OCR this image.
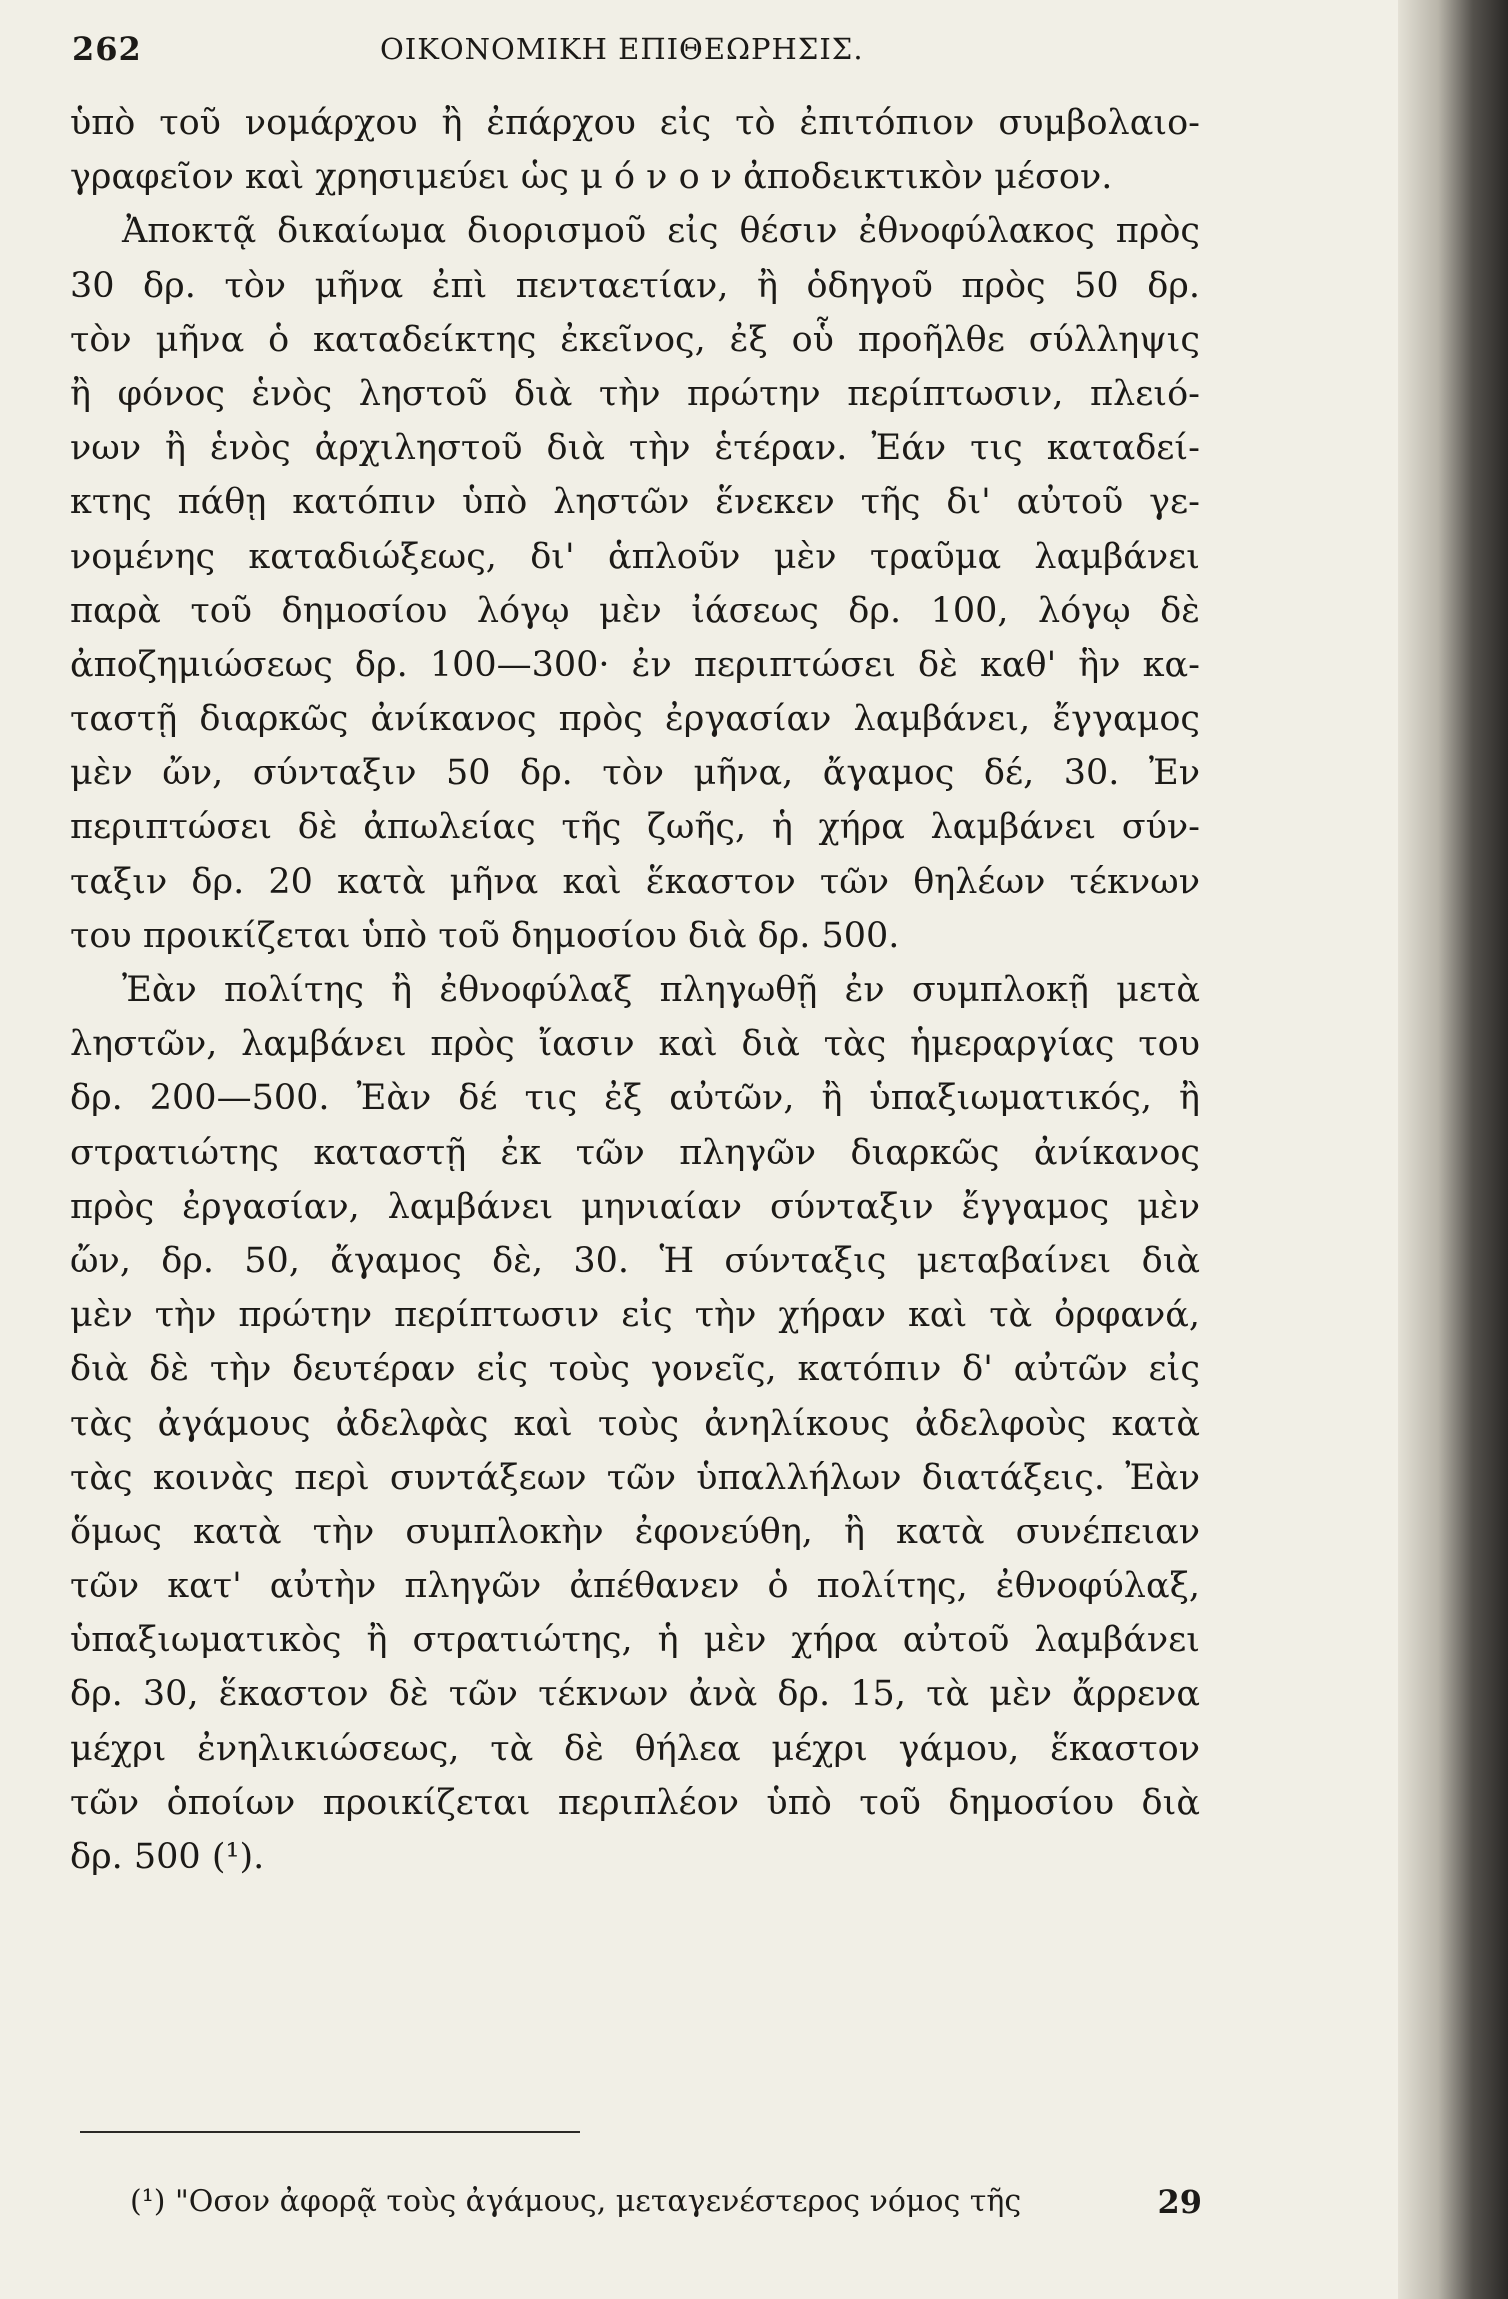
262	ΟΙΚΟΝΟΜΙΚΗ ΕΠΙΘΕΩΡΗΣΙΣ.
ὑπὸ τοῦ νομάρχου ἢ ἐπάρχου εἰς τὸ ἐπιτόπιον συμβολαιο-
γραφεῖον καὶ χρησιμεύει ὡς μ ό ν ο ν ἀποδεικτικὸν μέσον.
Ἀποκτᾷ δικαίωμα διορισμοῦ εἰς θέσιν ἐθνοφύλακος πρὸς
30 δρ. τὸν μῆνα ἐπὶ πενταετίαν, ἢ ὁδηγοῦ πρὸς 50 δρ.
τὸν μῆνα ὁ καταδείκτης ἐκεῖνος, ἐξ οὗ προῆλθε σύλληψις
ἢ φόνος ἑνὸς ληστοῦ διὰ τὴν πρώτην περίπτωσιν, πλειό-
νων ἢ ἑνὸς ἀρχιληστοῦ διὰ τὴν ἑτέραν. Ἐάν τις καταδεί-
κτης πάθῃ κατόπιν ὑπὸ ληστῶν ἕνεκεν τῆς δι' αὐτοῦ γε-
νομένης καταδιώξεως, δι' ἁπλοῦν μὲν τραῦμα λαμβάνει
παρὰ τοῦ δημοσίου λόγῳ μὲν ἰάσεως δρ. 100, λόγῳ δὲ
ἀποζημιώσεως δρ. 100—300· ἐν περιπτώσει δὲ καθ' ἣν κα-
ταστῇ διαρκῶς ἀνίκανος πρὸς ἐργασίαν λαμβάνει, ἔγγαμος
μὲν ὤν, σύνταξιν 50 δρ. τὸν μῆνα, ἄγαμος δέ, 30. Ἐν
περιπτώσει δὲ ἀπωλείας τῆς ζωῆς, ἡ χήρα λαμβάνει σύν-
ταξιν δρ. 20 κατὰ μῆνα καὶ ἕκαστον τῶν θηλέων τέκνων
του προικίζεται ὑπὸ τοῦ δημοσίου διὰ δρ. 500.
Ἐὰν πολίτης ἢ ἐθνοφύλαξ πληγωθῇ ἐν συμπλοκῇ μετὰ
ληστῶν, λαμβάνει πρὸς ἴασιν καὶ διὰ τὰς ἡμεραργίας του
δρ. 200—500. Ἐὰν δέ τις ἐξ αὐτῶν, ἢ ὑπαξιωματικός, ἢ
στρατιώτης καταστῇ ἐκ τῶν πληγῶν διαρκῶς ἀνίκανος
πρὸς ἐργασίαν, λαμβάνει μηνιαίαν σύνταξιν ἔγγαμος μὲν
ὤν, δρ. 50, ἄγαμος δὲ, 30. Ἡ σύνταξις μεταβαίνει διὰ
μὲν τὴν πρώτην περίπτωσιν εἰς τὴν χήραν καὶ τὰ ὀρφανά,
διὰ δὲ τὴν δευτέραν εἰς τοὺς γονεῖς, κατόπιν δ' αὐτῶν εἰς
τὰς ἀγάμους ἀδελφὰς καὶ τοὺς ἀνηλίκους ἀδελφοὺς κατὰ
τὰς κοινὰς περὶ συντάξεων τῶν ὑπαλλήλων διατάξεις. Ἐὰν
ὅμως κατὰ τὴν συμπλοκὴν ἐφονεύθη, ἢ κατὰ συνέπειαν
τῶν κατ' αὐτὴν πληγῶν ἀπέθανεν ὁ πολίτης, ἐθνοφύλαξ,
ὑπαξιωματικὸς ἢ στρατιώτης, ἡ μὲν χήρα αὐτοῦ λαμβάνει
δρ. 30, ἕκαστον δὲ τῶν τέκνων ἀνὰ δρ. 15, τὰ μὲν ἄρρενα
μέχρι ἐνηλικιώσεως, τὰ δὲ θήλεα μέχρι γάμου, ἕκαστον
τῶν ὁποίων προικίζεται περιπλέον ὑπὸ τοῦ δημοσίου διὰ
δρ. 500 (¹).
(¹) "Οσον ἀφορᾷ τοὺς ἀγάμους, μεταγενέστερος νόμος τῆς	29
